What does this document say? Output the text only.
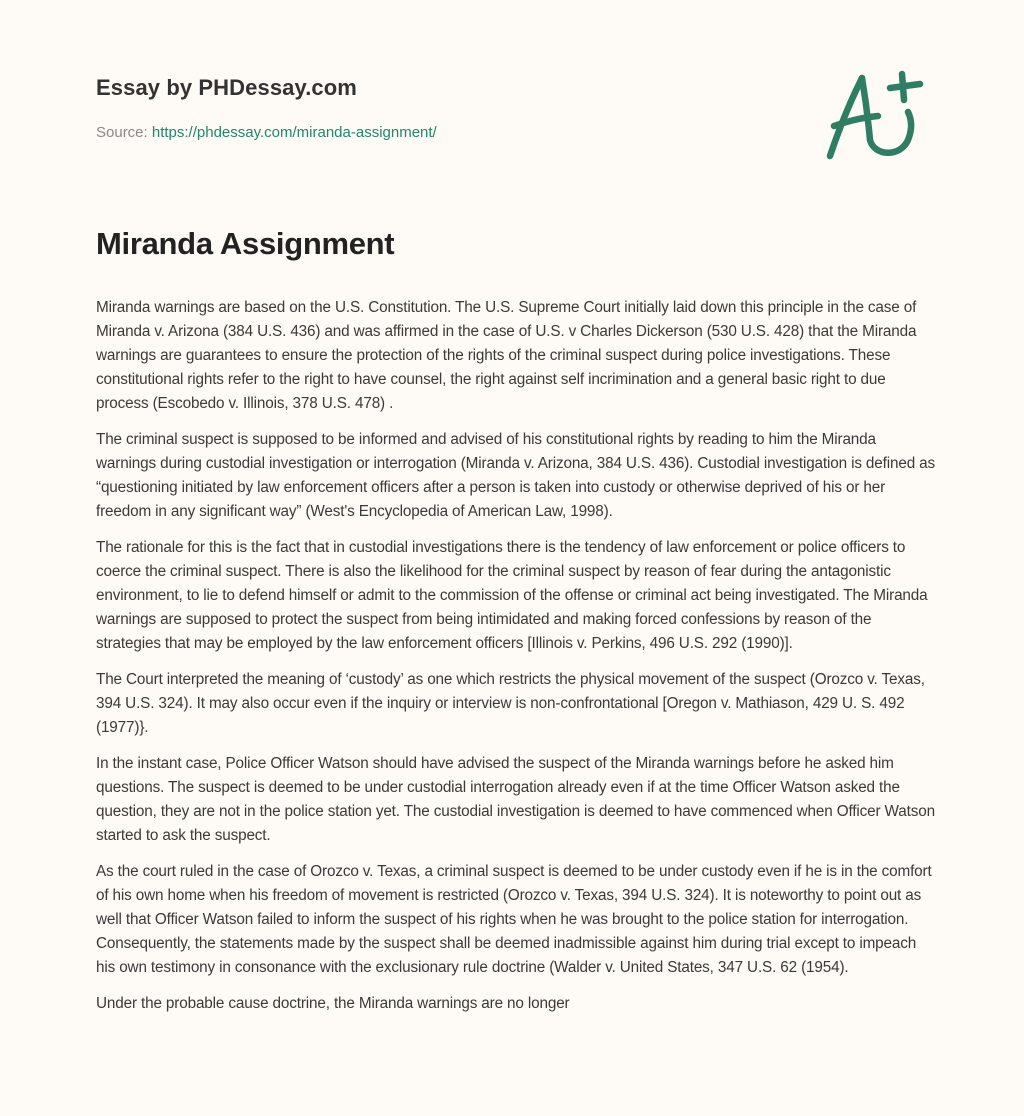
Essay by PHDessay.com
Source: https://phdessay.com/miranda-assignment/
Miranda Assignment

Miranda warnings are based on the U.S. Constitution. The U.S. Supreme Court initially laid down this principle in the case of Miranda v. Arizona (384 U.S. 436) and was affirmed in the case of U.S. v Charles Dickerson (530 U.S. 428) that the Miranda warnings are guarantees to ensure the protection of the rights of the criminal suspect during police investigations. These constitutional rights refer to the right to have counsel, the right against self incrimination and a general basic right to due process (Escobedo v. Illinois, 378 U.S. 478) .

The criminal suspect is supposed to be informed and advised of his constitutional rights by reading to him the Miranda warnings during custodial investigation or interrogation (Miranda v. Arizona, 384 U.S. 436). Custodial investigation is defined as “questioning initiated by law enforcement officers after a person is taken into custody or otherwise deprived of his or her freedom in any significant way” (West's Encyclopedia of American Law, 1998).

The rationale for this is the fact that in custodial investigations there is the tendency of law enforcement or police officers to coerce the criminal suspect. There is also the likelihood for the criminal suspect by reason of fear during the antagonistic environment, to lie to defend himself or admit to the commission of the offense or criminal act being investigated. The Miranda warnings are supposed to protect the suspect from being intimidated and making forced confessions by reason of the strategies that may be employed by the law enforcement officers [Illinois v. Perkins, 496 U.S. 292 (1990)].

The Court interpreted the meaning of ‘custody’ as one which restricts the physical movement of the suspect (Orozco v. Texas, 394 U.S. 324). It may also occur even if the inquiry or interview is non-confrontational [Oregon v. Mathiason, 429 U. S. 492 (1977)}.

In the instant case, Police Officer Watson should have advised the suspect of the Miranda warnings before he asked him questions. The suspect is deemed to be under custodial interrogation already even if at the time Officer Watson asked the question, they are not in the police station yet. The custodial investigation is deemed to have commenced when Officer Watson started to ask the suspect.

As the court ruled in the case of Orozco v. Texas, a criminal suspect is deemed to be under custody even if he is in the comfort of his own home when his freedom of movement is restricted (Orozco v. Texas, 394 U.S. 324). It is noteworthy to point out as well that Officer Watson failed to inform the suspect of his rights when he was brought to the police station for interrogation. Consequently, the statements made by the suspect shall be deemed inadmissible against him during trial except to impeach his own testimony in consonance with the exclusionary rule doctrine (Walder v. United States, 347 U.S. 62 (1954).

Under the probable cause doctrine, the Miranda warnings are no longer
